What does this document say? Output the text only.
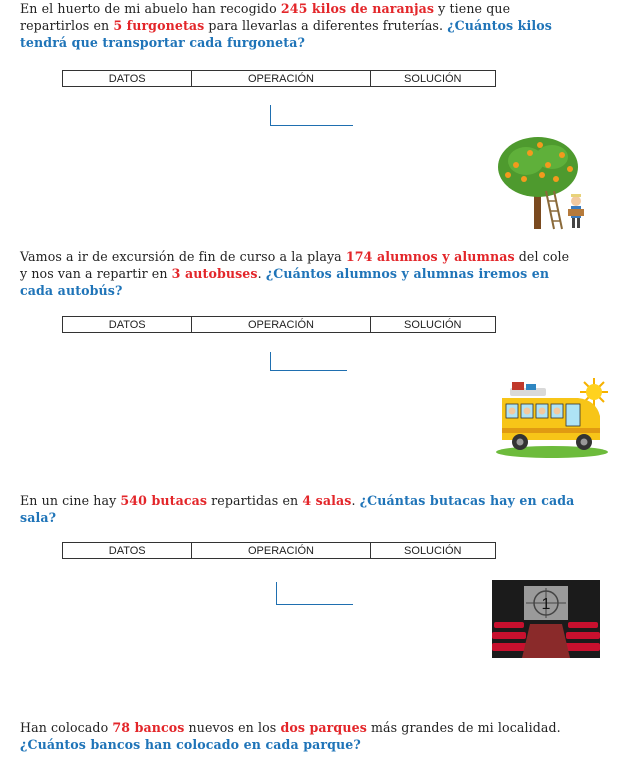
En el huerto de mi abuelo han recogido 245 kilos de naranjas y tiene que repartirlos en 5 furgonetas para llevarlas a diferentes fruterías. ¿Cuántos kilos tendrá que transportar cada furgoneta?

DATOS	OPERACIÓN	SOLUCIÓN

Vamos a ir de excursión de fin de curso a la playa 174 alumnos y alumnas del cole y nos van a repartir en 3 autobuses. ¿Cuántos alumnos y alumnas iremos en cada autobús?

DATOS	OPERACIÓN	SOLUCIÓN

En un cine hay 540 butacas repartidas en 4 salas. ¿Cuántas butacas hay en cada sala?

DATOS	OPERACIÓN	SOLUCIÓN
1

Han colocado 78 bancos nuevos en los dos parques más grandes de mi localidad. ¿Cuántos bancos han colocado en cada parque?
